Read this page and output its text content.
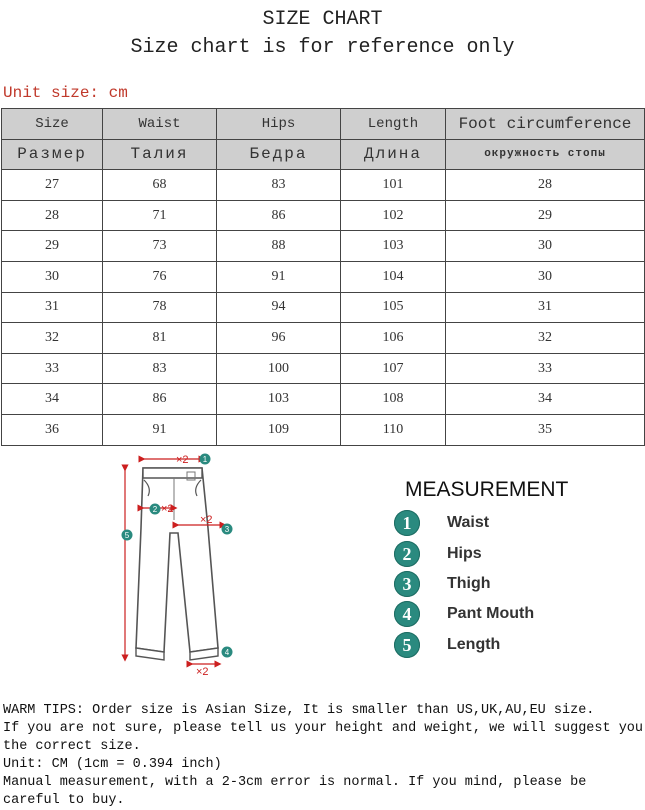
SIZE CHART
Size chart is for reference only
Unit size: cm
Size	Waist	Hips	Length	Foot circumference
Размер	Талия	Бедра	Длина	окружность стопы
27	68	83	101	28
28	71	86	102	29
29	73	88	103	30
30	76	91	104	30
31	78	94	105	31
32	81	96	106	32
33	83	100	107	33
34	86	103	108	34
36	91	109	110	35
×2
×2
×2
×2
1
2
3
4
5
MEASUREMENT
1	Waist
2	Hips
3	Thigh
4	Pant Mouth
5	Length

WARM TIPS: Order size is Asian Size, It is smaller than US,UK,AU,EU size.

If you are not sure, please tell us your height and weight, we will suggest you the correct size.

Unit: CM (1cm = 0.394 inch)

Manual measurement, with a 2-3cm error is normal. If you mind, please be careful to buy.
